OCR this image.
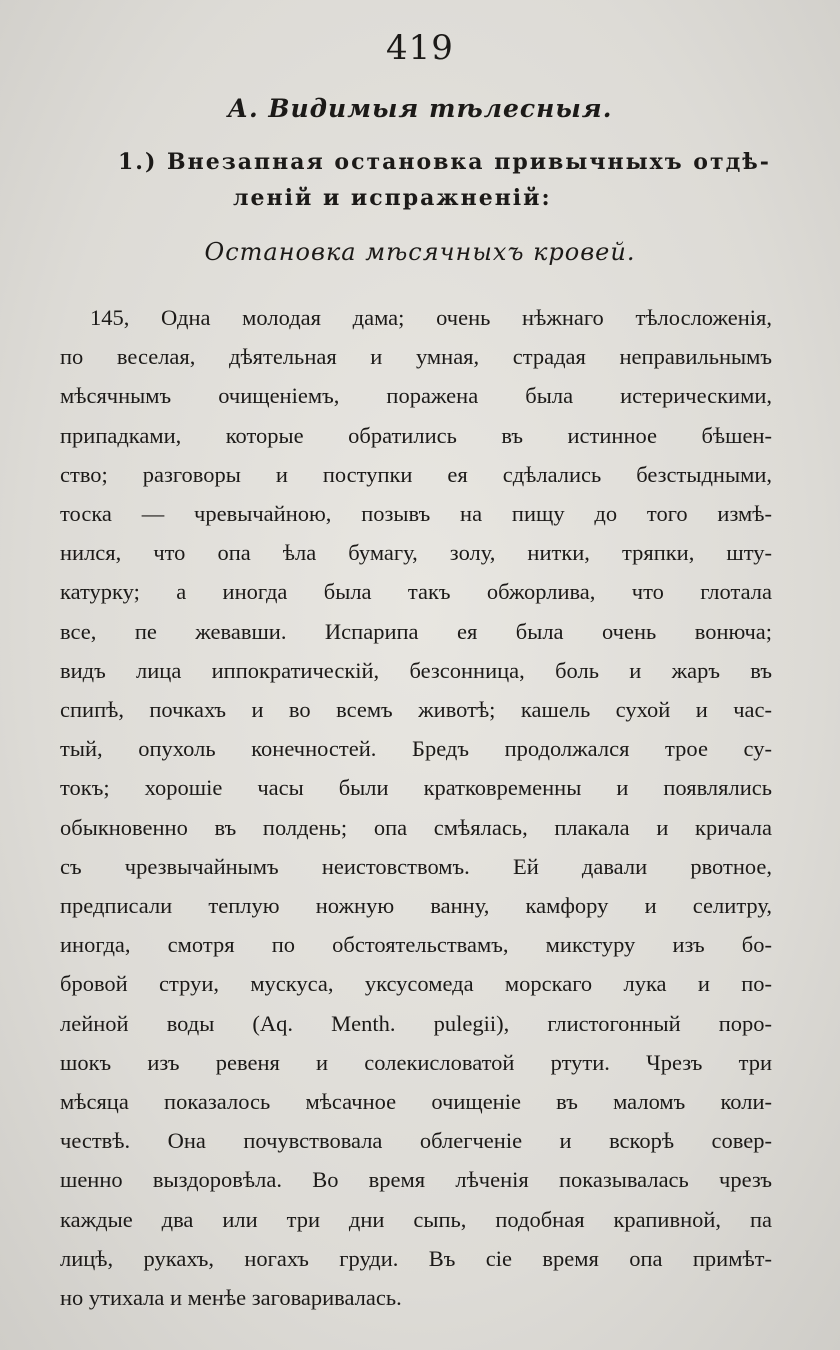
419
А. Видимыя тѣлесныя.
1.) Внезапная остановка привычныхъ отдѣ-
леній и испражненій:
Остановка мѣсячныхъ кровей.
145, Одна молодая дама; очень нѣжнаго тѣлосложенія,
по веселая, дѣятельная и умная, страдая неправильнымъ
мѣсячнымъ очищеніемъ, поражена была истерическими,
припадками, которые обратились въ истинное бѣшен-
ство; разговоры и поступки ея сдѣлались безстыдными,
тоска — чревычайною, позывъ на пищу до того измѣ-
нился, что опа ѣла бумагу, золу, нитки, тряпки, шту-
катурку; а иногда была такъ обжорлива, что глотала
все, пе жевавши. Испарипа ея была очень вонюча;
видъ лица иппократическій, безсонница, боль и жаръ въ
спипѣ, почкахъ и во всемъ животѣ; кашель сухой и час-
тый, опухоль конечностей. Бредъ продолжался трое су-
токъ; хорошіе часы были кратковременны и появлялись
обыкновенно въ полдень; опа смѣялась, плакала и кричала
съ чрезвычайнымъ неистовствомъ. Ей давали рвотное,
предписали теплую ножную ванну, камфору и селитру,
иногда, смотря по обстоятельствамъ, микстуру изъ бо-
бровой струи, мускуса, уксусомеда морскаго лука и по-
лейной воды (Aq. Menth. pulegii), глистогонный поро-
шокъ изъ ревеня и солекисловатой ртути. Чрезъ три
мѣсяца показалось мѣсачное очищеніе въ маломъ коли-
чествѣ. Она почувствовала облегченіе и вскорѣ совер-
шенно выздоровѣла. Во время лѣченія показывалась чрезъ
каждые два или три дни сыпь, подобная крапивной, па
лицѣ, рукахъ, ногахъ груди. Въ сіе время опа примѣт-
но утихала и менѣе заговаривалась.
